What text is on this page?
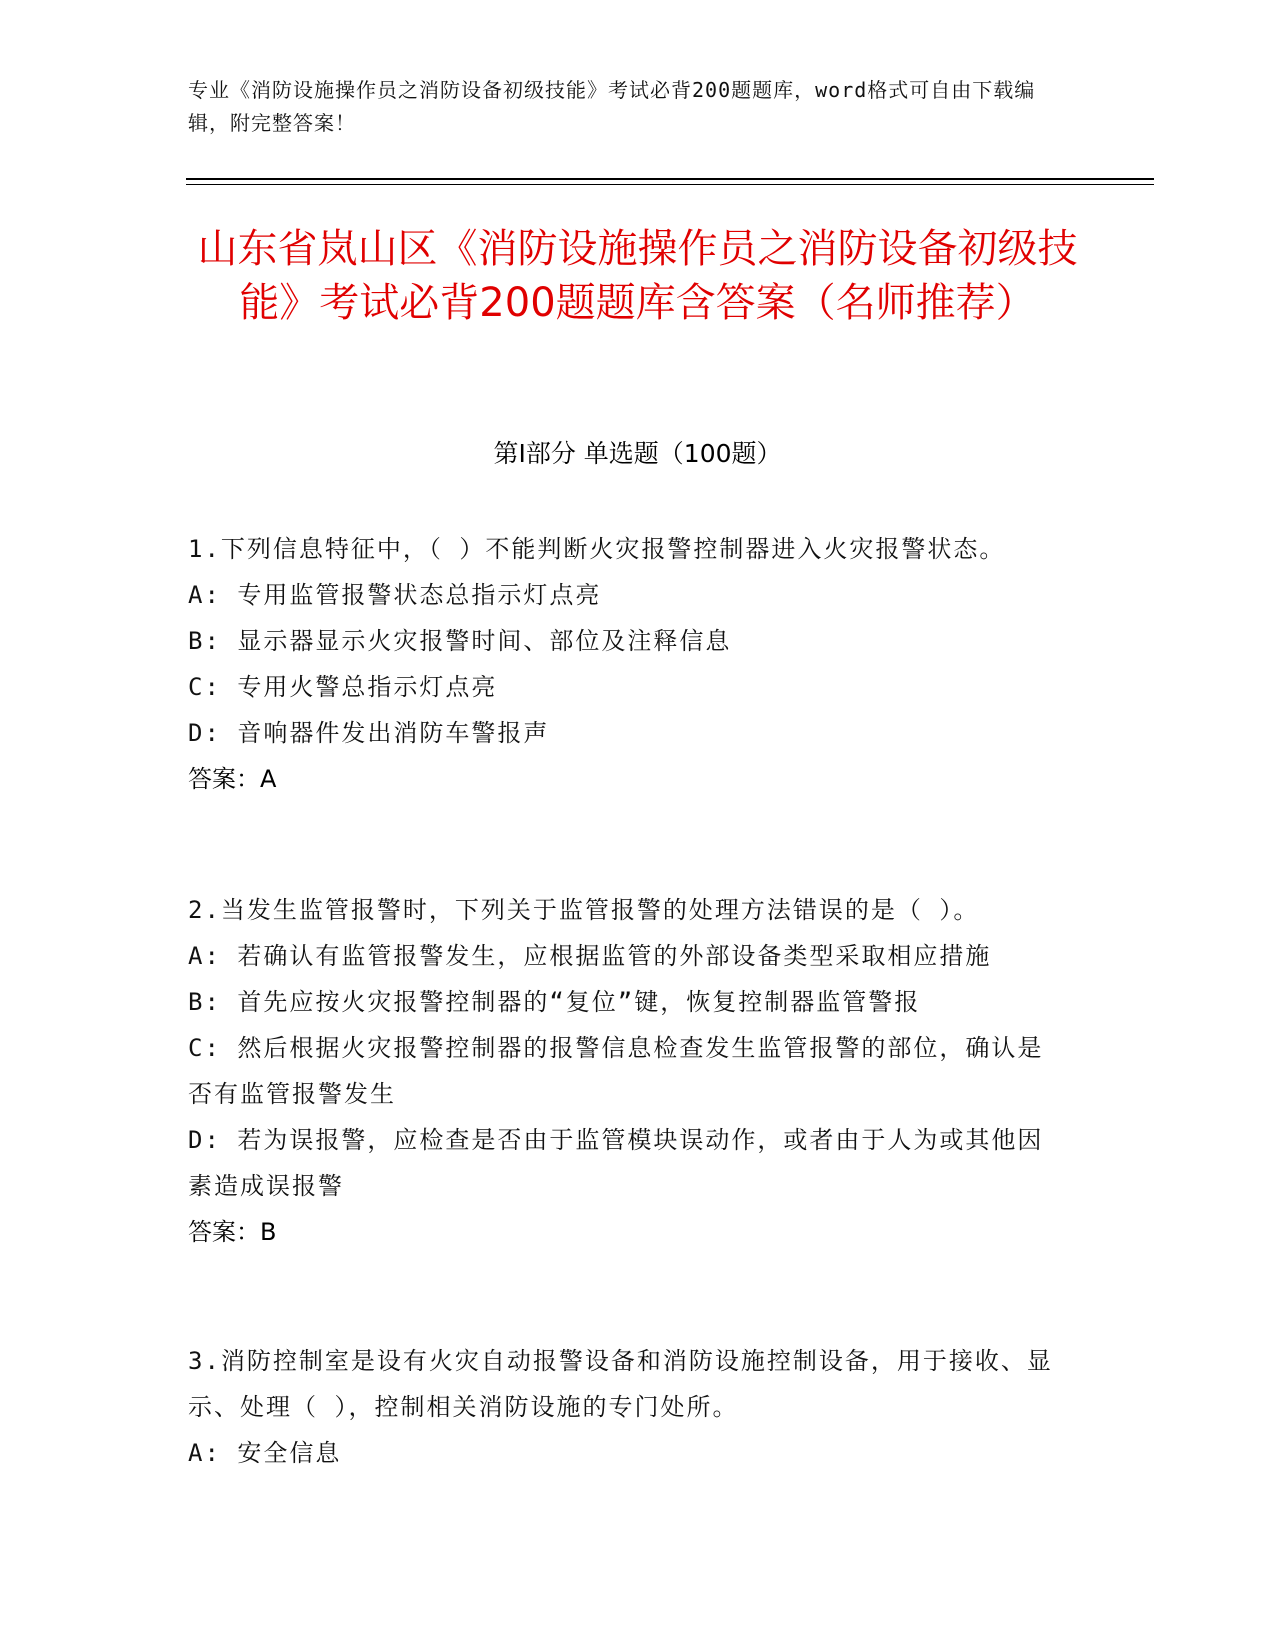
专业《消防设施操作员之消防设备初级技能》考试必背200题题库，word格式可自由下载编辑，附完整答案！
山东省岚山区《消防设施操作员之消防设备初级技能》考试必背200题题库含答案（名师推荐）
第Ⅰ部分 单选题（100题）
1.下列信息特征中，（ ）不能判断火灾报警控制器进入火灾报警状态。
A: 专用监管报警状态总指示灯点亮
B: 显示器显示火灾报警时间、部位及注释信息
C: 专用火警总指示灯点亮
D: 音响器件发出消防车警报声
答案：A
2.当发生监管报警时，下列关于监管报警的处理方法错误的是（ ）。
A: 若确认有监管报警发生，应根据监管的外部设备类型采取相应措施
B: 首先应按火灾报警控制器的“复位”键，恢复控制器监管警报
C: 然后根据火灾报警控制器的报警信息检查发生监管报警的部位，确认是否有监管报警发生
D: 若为误报警，应检查是否由于监管模块误动作，或者由于人为或其他因素造成误报警
答案：B
3.消防控制室是设有火灾自动报警设备和消防设施控制设备，用于接收、显示、处理（ ），控制相关消防设施的专门处所。
A: 安全信息
